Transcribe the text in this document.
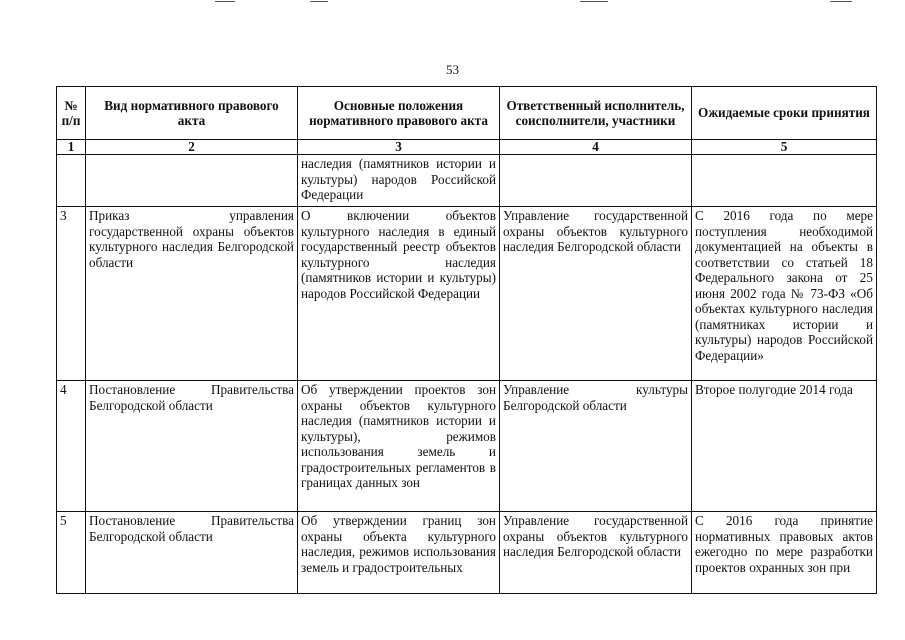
53
№
п/п	Вид нормативного правового акта	Основные положения нормативного правового акта	Ответственный исполнитель, соисполнители, участники	Ожидаемые сроки принятия
1	2	3	4	5
		наследия (памятников истории и культуры) народов Российской Федерации		
3	Приказ управления государственной охраны объектов культурного наследия Белгородской области	О включении объектов культурного наследия в единый государственный реестр объектов культурного наследия (памятников истории и культуры) народов Российской Федерации	Управление государственной охраны объектов культурного наследия Белгородской области	С 2016 года по мере поступления необходимой документацией на объекты в соответствии со статьей 18 Федерального закона от 25 июня 2002 года № 73-ФЗ «Об объектах культурного наследия (памятниках истории и культуры) народов Российской Федерации»
4	Постановление Правительства Белгородской области	Об утверждении проектов зон охраны объектов культурного наследия (памятников истории и культуры), режимов использования земель и градостроительных регламентов в границах данных зон	Управление культуры Белгородской области	Второе полугодие 2014 года
5	Постановление Правительства Белгородской области	Об утверждении границ зон охраны объекта культурного наследия, режимов использования земель и градостроительных	Управление государственной охраны объектов культурного наследия Белгородской области	С 2016 года принятие нормативных правовых актов ежегодно по мере разработки проектов охранных зон при
